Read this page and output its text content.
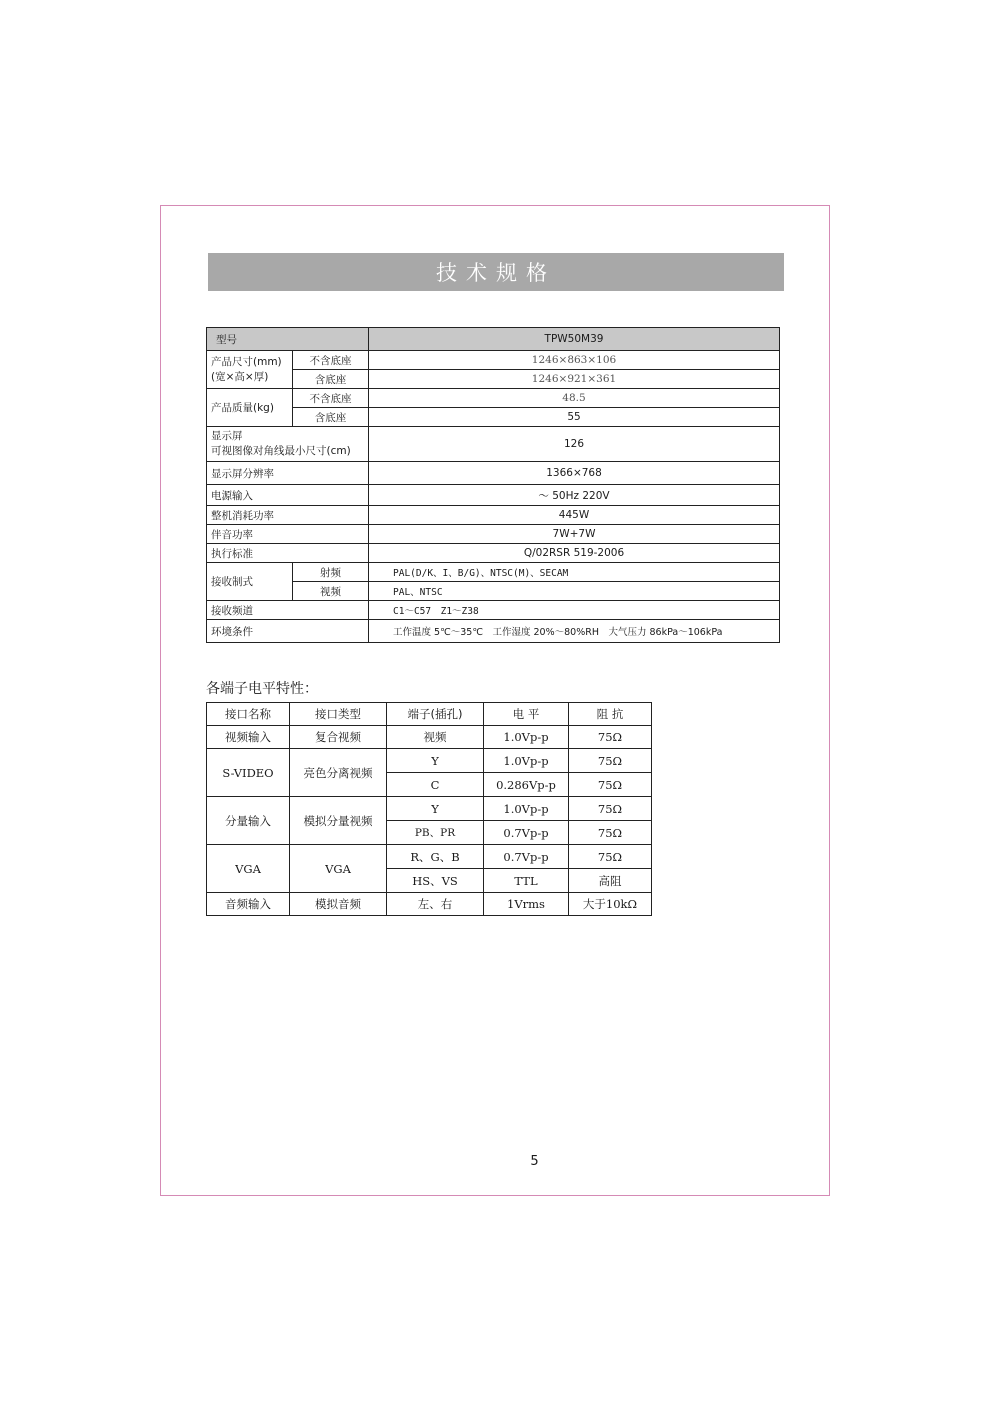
技术规格
型号		TPW50M39

产品尺寸(mm)
(宽×高×厚)	不含底座	1246×863×106
	含底座	1246×921×361
产品质量(kg)	不含底座	48.5
	含底座	55

显示屏
可视图像对角线最小尺寸(cm)		126
显示屏分辨率		1366×768
电源输入		～ 50Hz 220V
整机消耗功率		445W
伴音功率		7W+7W
执行标准		Q/02RSR 519-2006
接收制式	射频	PAL(D/K、I、B/G)、NTSC(M)、SECAM
	视频	PAL、NTSC
接收频道		C1～C57　Z1～Z38
环境条件		工作温度 5℃～35℃　工作湿度 20%～80%RH　大气压力 86kPa～106kPa
各端子电平特性：
接口名称	接口类型	端子(插孔)	电 平	阻 抗
视频输入	复合视频	视频	1.0Vp-p	75Ω
S-VIDEO	亮色分离视频	Y	1.0Vp-p	75Ω
		C	0.286Vp-p	75Ω
分量输入	模拟分量视频	Y	1.0Vp-p	75Ω
		PB、PR	0.7Vp-p	75Ω
VGA	VGA	R、G、B	0.7Vp-p	75Ω
		HS、VS	TTL	高阻
音频输入	模拟音频	左、右	1Vrms	大于10kΩ
5
